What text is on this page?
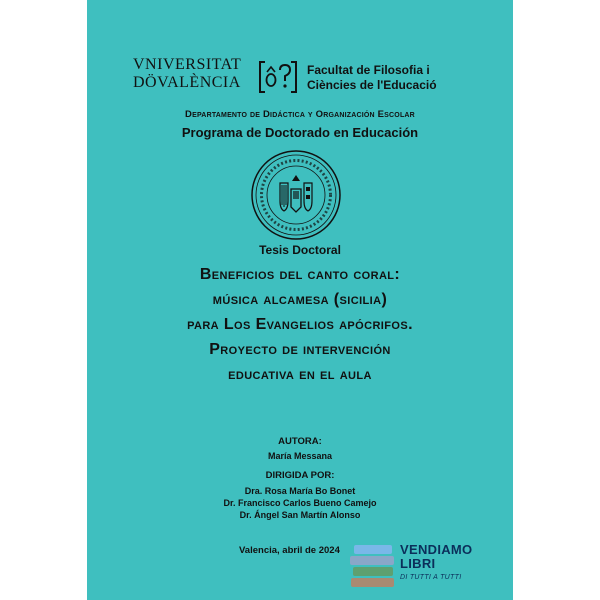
VNIVERSITAT
DÖVALÈNCIA
Facultat de Filosofia i
Ciències de l'Educació
Departamento de Didáctica y Organización Escolar
Programa de Doctorado en Educación
Tesis Doctoral
Beneficios del canto coral:
música alcamesa (sicilia)
para Los Evangelios apócrifos.
Proyecto de intervención
educativa en el aula
AUTORA:
María Messana
DIRIGIDA POR:
Dra. Rosa María Bo Bonet
Dr. Francisco Carlos Bueno Camejo
Dr. Ángel San Martín Alonso
Valencia, abril de 2024	VENDIAMO
LIBRI
DI TUTTI A TUTTI
